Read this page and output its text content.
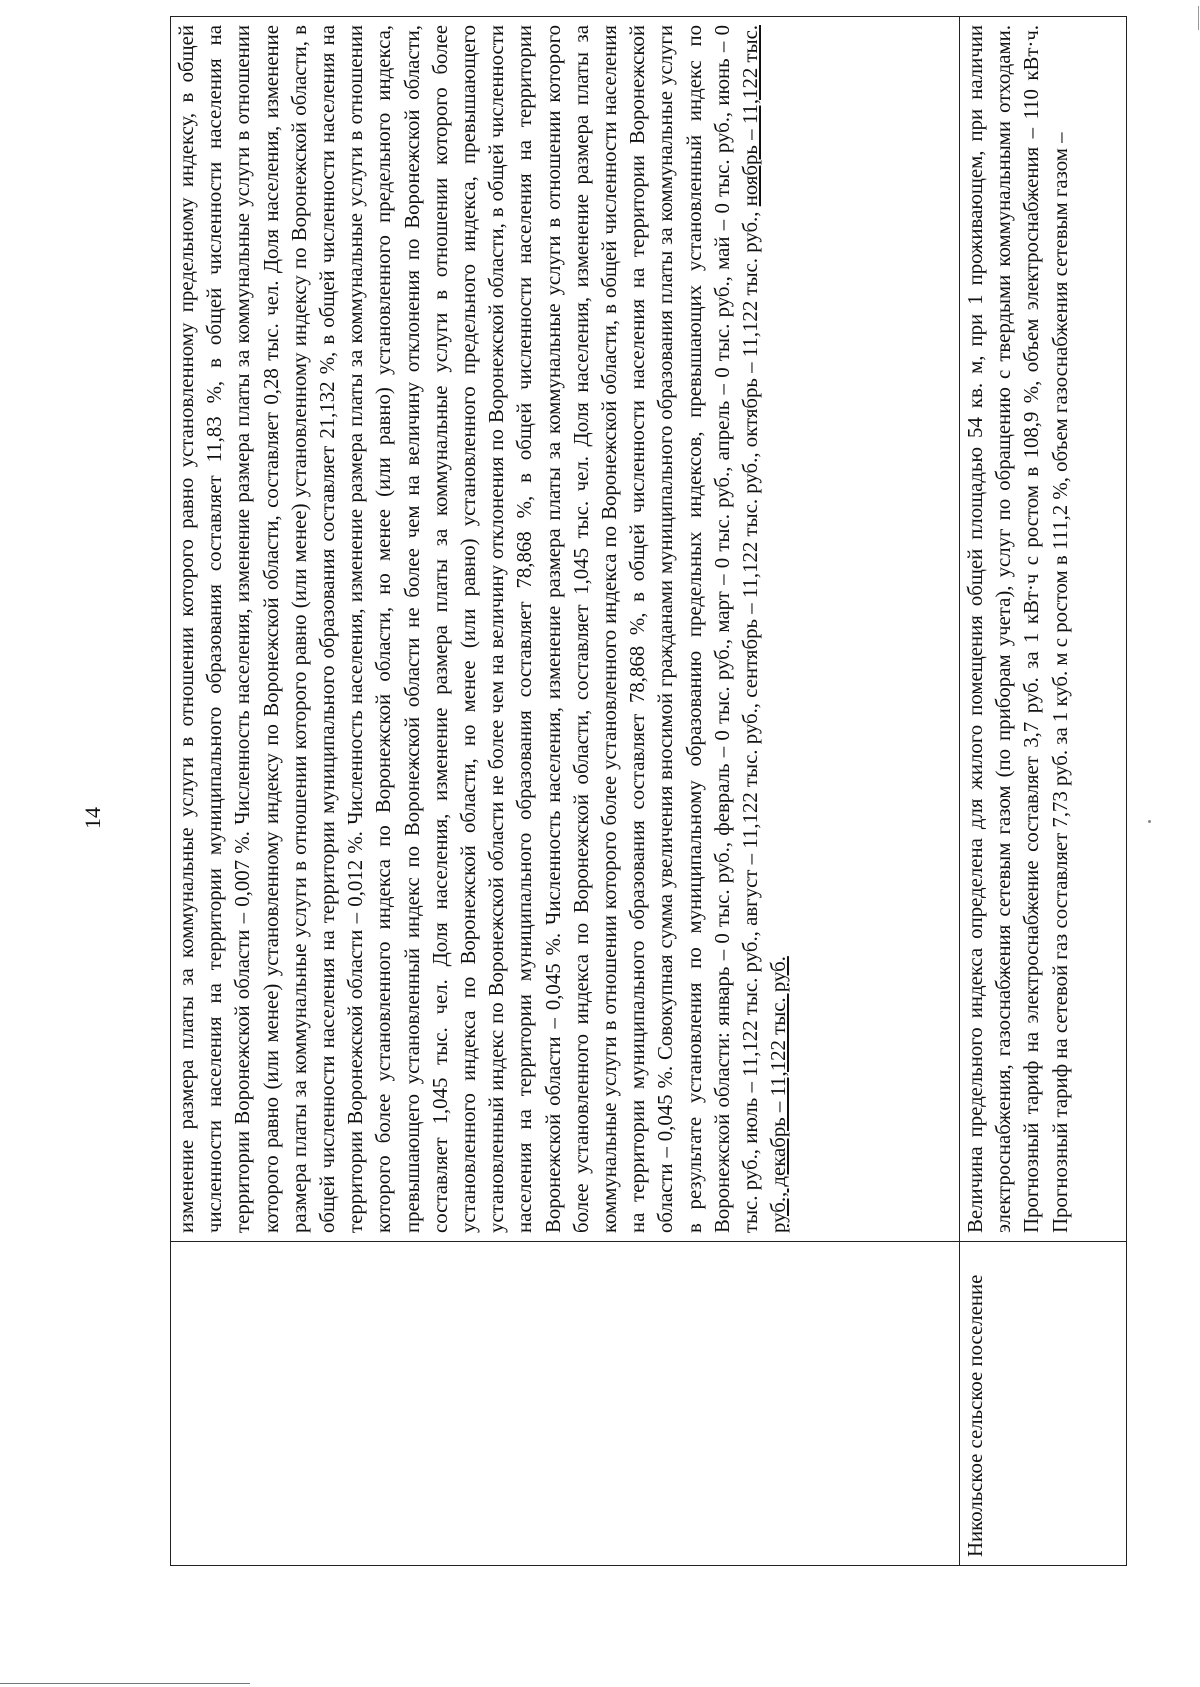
14
		изменение размера платы за коммунальные услуги в отношении которого равно установленному предельному индексу, в общей численности населения на территории муниципального образования составляет 11,83 %, в общей численности населения на территории Воронежской области – 0,007 %. Численность населения, изменение размера платы за коммунальные услуги в отношении которого равно (или менее) установленному индексу по Воронежской области, составляет 0,28 тыс. чел. Доля населения, изменение размера платы за коммунальные услуги в отношении которого равно (или менее) установленному индексу по Воронежской области, в общей численности населения на территории муниципального образования составляет 21,132 %, в общей численности населения на территории Воронежской области – 0,012 %. Численность населения, изменение размера платы за коммунальные услуги в отношении которого более установленного индекса по Воронежской области, но менее (или равно) установленного предельного индекса, превышающего установленный индекс по Воронежской области не более чем на величину отклонения по Воронежской области, составляет 1,045 тыс. чел. Доля населения, изменение размера платы за коммунальные услуги в отношении которого более установленного индекса по Воронежской области, но менее (или равно) установленного предельного индекса, превышающего установленный индекс по Воронежской области не более чем на величину отклонения по Воронежской области, в общей численности населения на территории муниципального образования составляет 78,868 %, в общей численности населения на территории Воронежской области – 0,045 %. Численность населения, изменение размера платы за коммунальные услуги в отношении которого более установленного индекса по Воронежской области, составляет 1,045 тыс. чел. Доля населения, изменение размера платы за коммунальные услуги в отношении которого более установленного индекса по Воронежской области, в общей численности населения на территории муниципального образования составляет 78,868 %, в общей численности населения на территории Воронежской области – 0,045 %. Совокупная сумма увеличения вносимой гражданами муниципального образования платы за коммунальные услуги в результате установления по муниципальному образованию предельных индексов, превышающих установленный индекс по Воронежской области: январь – 0 тыс. руб., февраль – 0 тыс. руб., март – 0 тыс. руб., апрель – 0 тыс. руб., май – 0 тыс. руб., июнь – 0 тыс. руб., июль – 11,122 тыс. руб., август – 11,122 тыс. руб., сентябрь – 11,122 тыс. руб., октябрь – 11,122 тыс. руб., ноябрь – 11,122 тыс. руб., декабрь – 11,122 тыс. руб.
Никольское сельское поселение	Величина предельного индекса определена для жилого помещения общей площадью 54 кв. м, при 1 проживающем, при наличии электроснабжения, газоснабжения сетевым газом (по приборам учета), услуг по обращению с твердыми коммунальными отходами. Прогнозный тариф на электроснабжение составляет 3,7 руб. за 1 кВт·ч с ростом в 108,9 %, объем электроснабжения – 110 кВт·ч. Прогнозный тариф на сетевой газ составляет 7,73 руб. за 1 куб. м с ростом в 111,2 %, объем газоснабжения сетевым газом –
